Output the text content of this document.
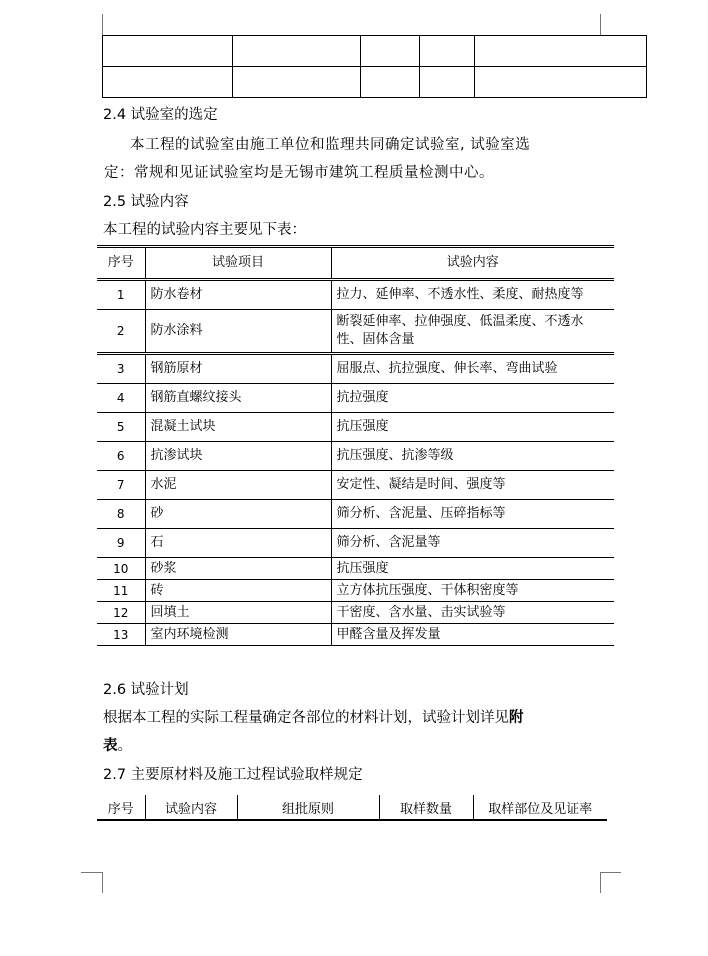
2.4 试验室的选定
本工程的试验室由施工单位和监理共同确定试验室, 试验室选
定：常规和见证试验室均是无锡市建筑工程质量检测中心。
2.5 试验内容
本工程的试验内容主要见下表：
序号	试验项目	试验内容
1	防水卷材	拉力、延伸率、不透水性、柔度、耐热度等
2	防水涂料	断裂延伸率、拉伸强度、低温柔度、不透水
性、固体含量

3	钢筋原材	屈服点、抗拉强度、伸长率、弯曲试验
4	钢筋直螺纹接头	抗拉强度
5	混凝土试块	抗压强度
6	抗渗试块	抗压强度、抗渗等级
7	水泥	安定性、凝结是时间、强度等
8	砂	筛分析、含泥量、压碎指标等
9	石	筛分析、含泥量等
10	砂浆	抗压强度
11	砖	立方体抗压强度、干体积密度等
12	回填土	干密度、含水量、击实试验等
13	室内环境检测	甲醛含量及挥发量
2.6 试验计划
根据本工程的实际工程量确定各部位的材料计划，试验计划详见附
表。
2.7 主要原材料及施工过程试验取样规定
序号	试验内容	组批原则	取样数量	取样部位及见证率
